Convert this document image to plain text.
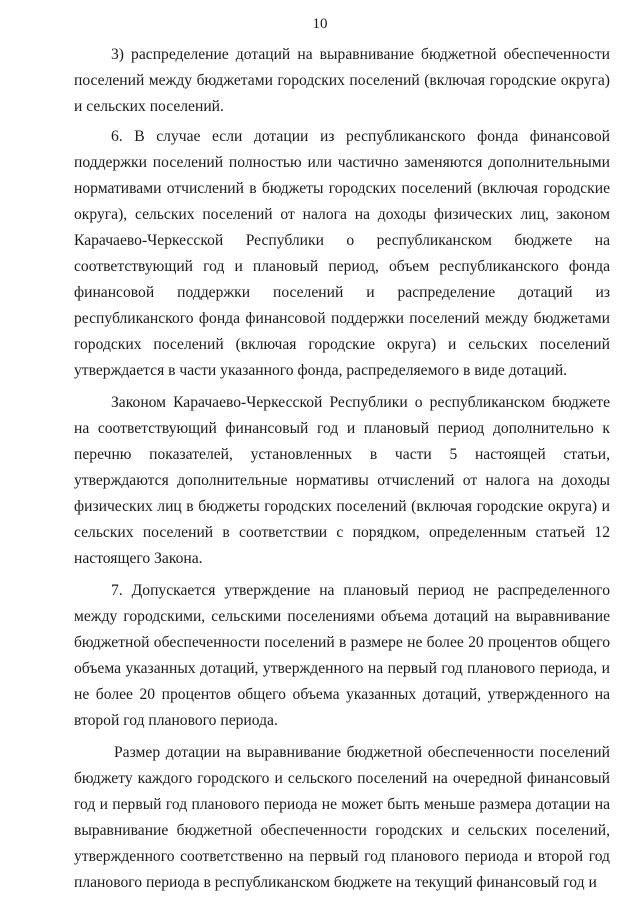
10

3) распределение дотаций на выравнивание бюджетной обеспеченности поселений между бюджетами городских поселений (включая городские округа) и сельских поселений.

6. В случае если дотации из республиканского фонда финансовой поддержки поселений полностью или частично заменяются дополнительными нормативами отчислений в бюджеты городских поселений (включая городские округа), сельских поселений от налога на доходы физических лиц, законом Карачаево-Черкесской Республики о республиканском бюджете на соответствующий год и плановый период, объем республиканского фонда финансовой поддержки поселений и распределение дотаций из республиканского фонда финансовой поддержки поселений между бюджетами городских поселений (включая городские округа) и сельских поселений утверждается в части указанного фонда, распределяемого в виде дотаций.

Законом Карачаево-Черкесской Республики о республиканском бюджете на соответствующий финансовый год и плановый период дополнительно к перечню показателей, установленных в части 5 настоящей статьи, утверждаются дополнительные нормативы отчислений от налога на доходы физических лиц в бюджеты городских поселений (включая городские округа) и сельских поселений в соответствии с порядком, определенным статьей 12 настоящего Закона.

7. Допускается утверждение на плановый период не распределенного между городскими, сельскими поселениями объема дотаций на выравнивание бюджетной обеспеченности поселений в размере не более 20 процентов общего объема указанных дотаций, утвержденного на первый год планового периода, и не более 20 процентов общего объема указанных дотаций, утвержденного на второй год планового периода.

Размер дотации на выравнивание бюджетной обеспеченности поселений бюджету каждого городского и сельского поселений на очередной финансовый год и первый год планового периода не может быть меньше размера дотации на выравнивание бюджетной обеспеченности городских и сельских поселений, утвержденного соответственно на первый год планового периода и второй год планового периода в республиканском бюджете на текущий финансовый год и
